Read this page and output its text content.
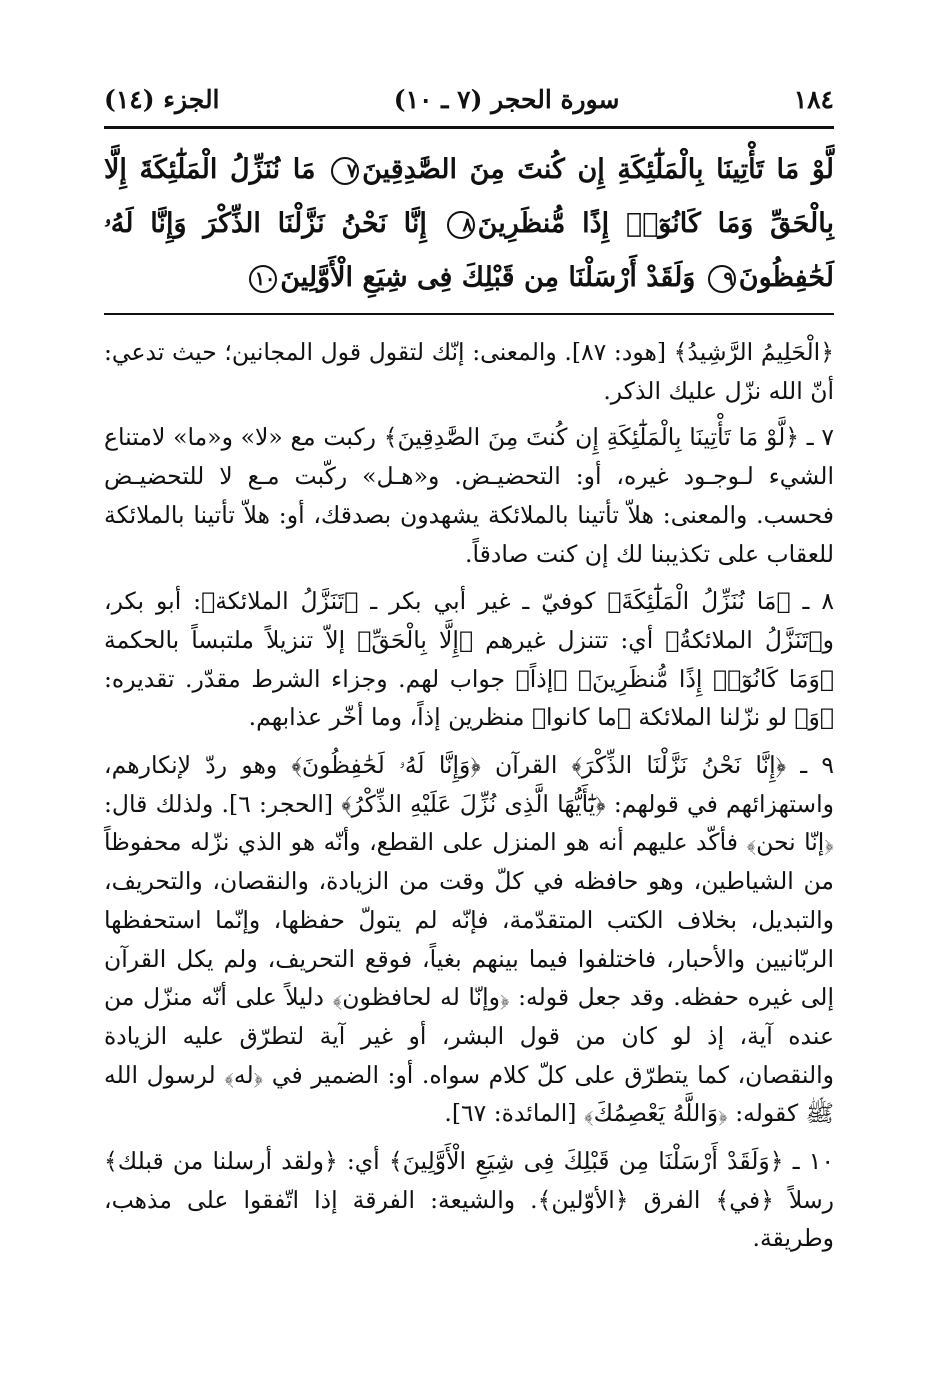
١٨٤
سورة الحجر (٧ ـ ١٠)
الجزء (١٤)
لَّوْ مَا تَأْتِينَا بِالْمَلَٰٓئِكَةِ إِن كُنتَ مِنَ الصَّٰدِقِينَ٧ مَا نُنَزِّلُ الْمَلَٰٓئِكَةَ إِلَّا بِالْحَقِّ وَمَا كَانُوٓا۟ إِذًا مُّنظَرِينَ٨ إِنَّا نَحْنُ نَزَّلْنَا الذِّكْرَ وَإِنَّا لَهُۥ لَحَٰفِظُونَ٩ وَلَقَدْ أَرْسَلْنَا مِن قَبْلِكَ فِى شِيَعِ الْأَوَّلِينَ١٠

﴿الْحَلِيمُ الرَّشِيدُ﴾ [هود: ٨٧]. والمعنى: إنّك لتقول قول المجانين؛ حيث تدعي: أنّ الله نزّل عليك الذكر.

٧ ـ ﴿لَّوْ مَا تَأْتِينَا بِالْمَلَٰٓئِكَةِ إِن كُنتَ مِنَ الصَّٰدِقِينَ﴾ ركبت مع «لا» و«ما» لامتناع الشيء لـوجـود غيره، أو: التحضيـض. و«هـل» ركّبت مـع لا للتحضيـض فحسب. والمعنى: هلاّ تأتينا بالملائكة يشهدون بصدقك، أو: هلاّ تأتينا بالملائكة للعقاب على تكذيبنا لك إن كنت صادقاً.

٨ ـ ﴿مَا نُنَزِّلُ الْمَلَٰٓئِكَةَ﴾ كوفيّ ـ غير أبي بكر ـ ﴿تَنَزَّلُ الملائكة﴾: أبو بكر، و﴿تَنَزَّلُ الملائكةُ﴾ أي: تتنزل غيرهم ﴿إِلَّا بِالْحَقِّ﴾ إلاّ تنزيلاً ملتبساً بالحكمة ﴿وَمَا كَانُوٓا۟ إِذًا مُّنظَرِينَ﴾ ﴿إذاً﴾ جواب لهم. وجزاء الشرط مقدّر. تقديره: ﴿وَ﴾ لو نزّلنا الملائكة ﴿ما كانوا﴾ منظرين إذاً، وما أخّر عذابهم.

٩ ـ ﴿إِنَّا نَحْنُ نَزَّلْنَا الذِّكْرَ﴾ القرآن ﴿وَإِنَّا لَهُۥ لَحَٰفِظُونَ﴾ وهو ردّ لإنكارهم، واستهزائهم في قولهم: ﴿يَٰٓأَيُّهَا الَّذِى نُزِّلَ عَلَيْهِ الذِّكْرُ﴾ [الحجر: ٦]. ولذلك قال: ﴿إنّا نحن﴾ فأكّد عليهم أنه هو المنزل على القطع، وأنّه هو الذي نزّله محفوظاً من الشياطين، وهو حافظه في كلّ وقت من الزيادة، والنقصان، والتحريف، والتبديل، بخلاف الكتب المتقدّمة، فإنّه لم يتولّ حفظها، وإنّما استحفظها الربّانيين والأحبار، فاختلفوا فيما بينهم بغياً، فوقع التحريف، ولم يكل القرآن إلى غيره حفظه. وقد جعل قوله: ﴿وإنّا له لحافظون﴾ دليلاً على أنّه منزّل من عنده آية، إذ لو كان من قول البشر، أو غير آية لتطرّق عليه الزيادة والنقصان، كما يتطرّق على كلّ كلام سواه. أو: الضمير في ﴿له﴾ لرسول الله ﷺ كقوله: ﴿وَاللَّهُ يَعْصِمُكَ﴾ [المائدة: ٦٧].

١٠ ـ ﴿وَلَقَدْ أَرْسَلْنَا مِن قَبْلِكَ فِى شِيَعِ الْأَوَّلِينَ﴾ أي: ﴿ولقد أرسلنا من قبلك﴾ رسلاً ﴿في﴾ الفرق ﴿الأوّلين﴾. والشيعة: الفرقة إذا اتّفقوا على مذهب، وطريقة.
